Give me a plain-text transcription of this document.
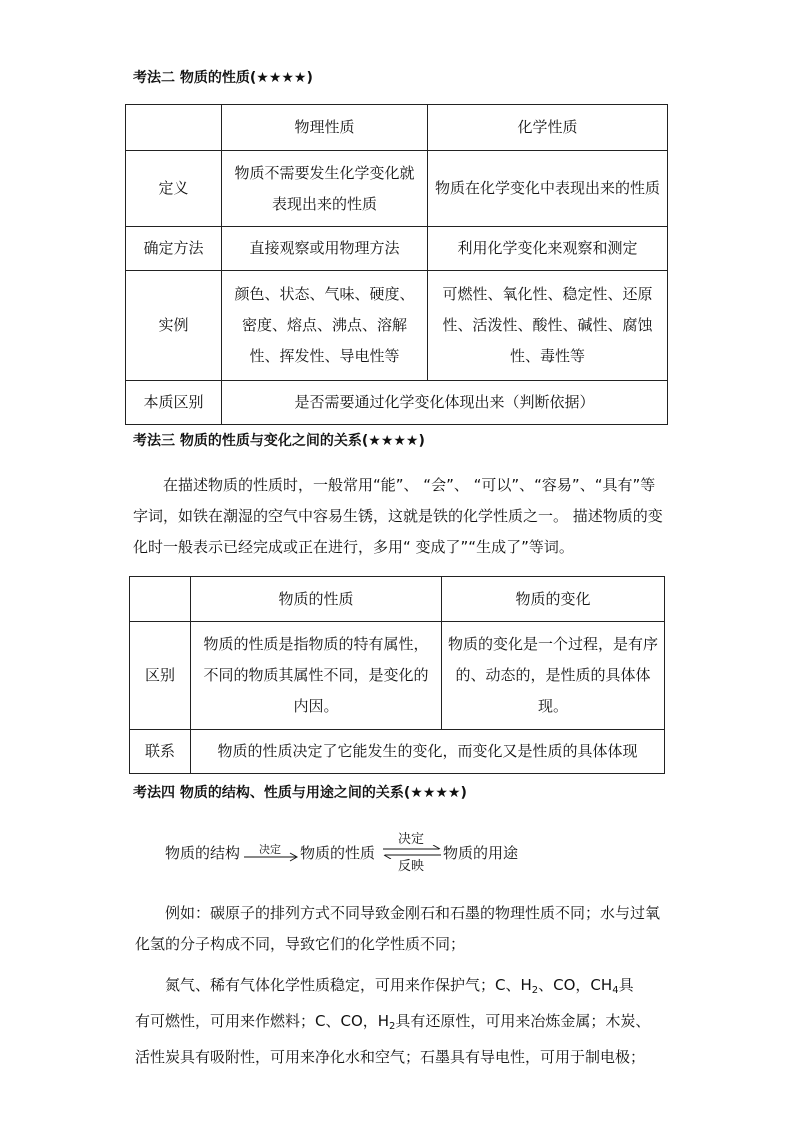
考法二 物质的性质(★★★★)
	物理性质	化学性质
定义	物质不需要发生化学变化就表现出来的性质	物质在化学变化中表现出来的性质
确定方法	直接观察或用物理方法	利用化学变化来观察和测定
实例	颜色、状态、气味、硬度、密度、熔点、沸点、溶解性、挥发性、导电性等	可燃性、氧化性、稳定性、还原性、活泼性、酸性、碱性、腐蚀性、毒性等
本质区别	是否需要通过化学变化体现出来（判断依据）	
考法三 物质的性质与变化之间的关系(★★★★)
在描述物质的性质时，一般常用“能”、 “会”、 “可以”、“容易”、“具有”等字词，如铁在潮湿的空气中容易生锈，这就是铁的化学性质之一。 描述物质的变化时一般表示已经完成或正在进行，多用“ 变成了”“生成了”等词。
	物质的性质	物质的变化
区别	物质的性质是指物质的特有属性，不同的物质其属性不同，是变化的内因。	物质的变化是一个过程，是有序的、动态的，是性质的具体体现。
联系	物质的性质决定了它能发生的变化，而变化又是性质的具体体现	
考法四 物质的结构、性质与用途之间的关系(★★★★)
物质的结构 决定 物质的性质
决定
反映
物质的用途
例如：碳原子的排列方式不同导致金刚石和石墨的物理性质不同；水与过氧化氢的分子构成不同，导致它们的化学性质不同；

氮气、稀有气体化学性质稳定，可用来作保护气；C、$H_2$、CO，$CH_4$具

有可燃性，可用来作燃料；C、CO，$H_2$具有还原性，可用来冶炼金属；木炭、

活性炭具有吸附性，可用来净化水和空气；石墨具有导电性，可用于制电极；
